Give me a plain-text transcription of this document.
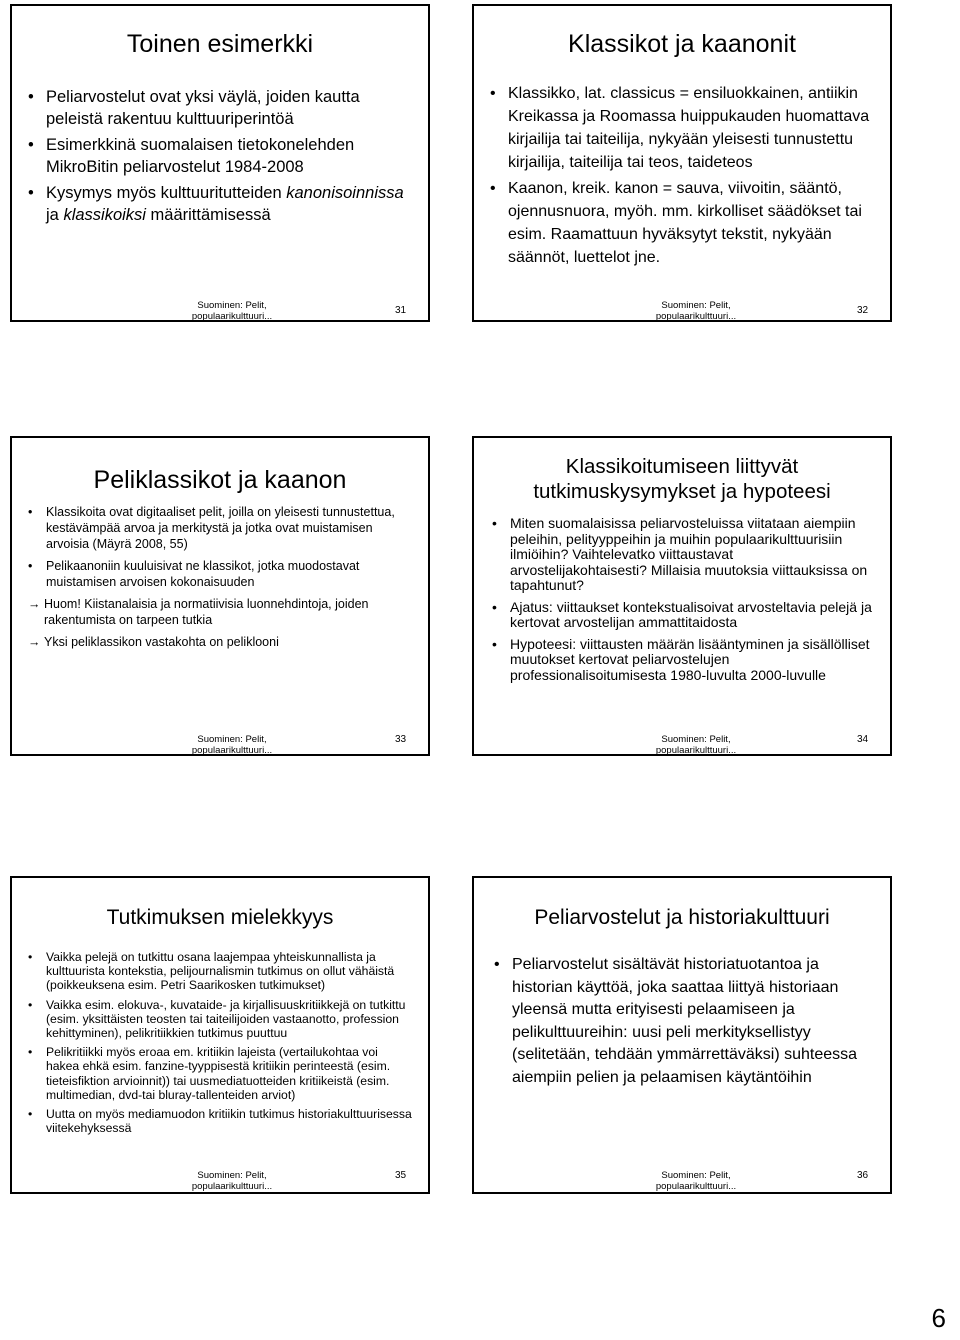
Toinen esimerkki
• Peliarvostelut ovat yksi väylä, joiden kautta peleistä rakentuu kulttuuriperintöä
• Esimerkkinä suomalaisen tietokonelehden MikroBitin peliarvostelut 1984-2008
• Kysymys myös kulttuuritutteiden kanonisoinnissa ja klassikoiksi määrittämisessä
Suominen: Pelit,
populaarikulttuuri...
31
Klassikot ja kaanonit
• Klassikko, lat. classicus = ensiluokkainen, antiikin Kreikassa ja Roomassa huippukauden huomattava kirjailija tai taiteilija, nykyään yleisesti tunnustettu kirjailija, taiteilija tai teos, taideteos
• Kaanon, kreik. kanon = sauva, viivoitin, sääntö, ojennusnuora, myöh. mm. kirkolliset säädökset tai esim. Raamattuun hyväksytyt tekstit, nykyään säännöt, luettelot jne.
Suominen: Pelit,
populaarikulttuuri...
32
Peliklassikot ja kaanon
• Klassikoita ovat digitaaliset pelit, joilla on yleisesti tunnustettua, kestävämpää arvoa ja merkitystä ja jotka ovat muistamisen arvoisia (Mäyrä 2008, 55)
• Pelikaanoniin kuuluisivat ne klassikot, jotka muodostavat muistamisen arvoisen kokonaisuuden
→ Huom! Kiistanalaisia ja normatiivisia luonnehdintoja, joiden rakentumista on tarpeen tutkia
→ Yksi peliklassikon vastakohta on peliklooni
Suominen: Pelit,
populaarikulttuuri...
33
Klassikoitumiseen liittyvät tutkimuskysymykset ja hypoteesi
• Miten suomalaisissa peliarvosteluissa viitataan aiempiin peleihin, pelityyppeihin ja muihin populaarikulttuurisiin ilmiöihin? Vaihtelevatko viittaustavat arvostelijakohtaisesti? Millaisia muutoksia viittauksissa on tapahtunut?
• Ajatus: viittaukset kontekstualisoivat arvosteltavia pelejä ja kertovat arvostelijan ammattitaidosta
• Hypoteesi: viittausten määrän lisääntyminen ja sisällölliset muutokset kertovat peliarvostelujen professionalisoitumisesta 1980-luvulta 2000-luvulle
Suominen: Pelit,
populaarikulttuuri...
34
Tutkimuksen mielekkyys
• Vaikka pelejä on tutkittu osana laajempaa yhteiskunnallista ja kulttuurista kontekstia, pelijournalismin tutkimus on ollut vähäistä (poikkeuksena esim. Petri Saarikosken tutkimukset)
• Vaikka esim. elokuva-, kuvataide- ja kirjallisuuskritiikkejä on tutkittu (esim. yksittäisten teosten tai taiteilijoiden vastaanotto, profession kehittyminen), pelikritiikkien tutkimus puuttuu
• Pelikritiikki myös eroaa em. kritiikin lajeista (vertailukohtaa voi hakea ehkä esim. fanzine-tyyppisestä kritiikin perinteestä (esim. tieteisfiktion arvioinnit)) tai uusmediatuotteiden kritiikeistä (esim. multimedian, dvd-tai bluray-tallenteiden arviot)
• Uutta on myös mediamuodon kritiikin tutkimus historiakulttuurisessa viitekehyksessä
Suominen: Pelit,
populaarikulttuuri...
35
Peliarvostelut ja historiakulttuuri
• Peliarvostelut sisältävät historiatuotantoa ja historian käyttöä, joka saattaa liittyä historiaan yleensä mutta erityisesti pelaamiseen ja pelikulttuureihin: uusi peli merkityksellistyy (selitetään, tehdään ymmärrettäväksi) suhteessa aiempiin pelien ja pelaamisen käytäntöihin
Suominen: Pelit,
populaarikulttuuri...
36
6
